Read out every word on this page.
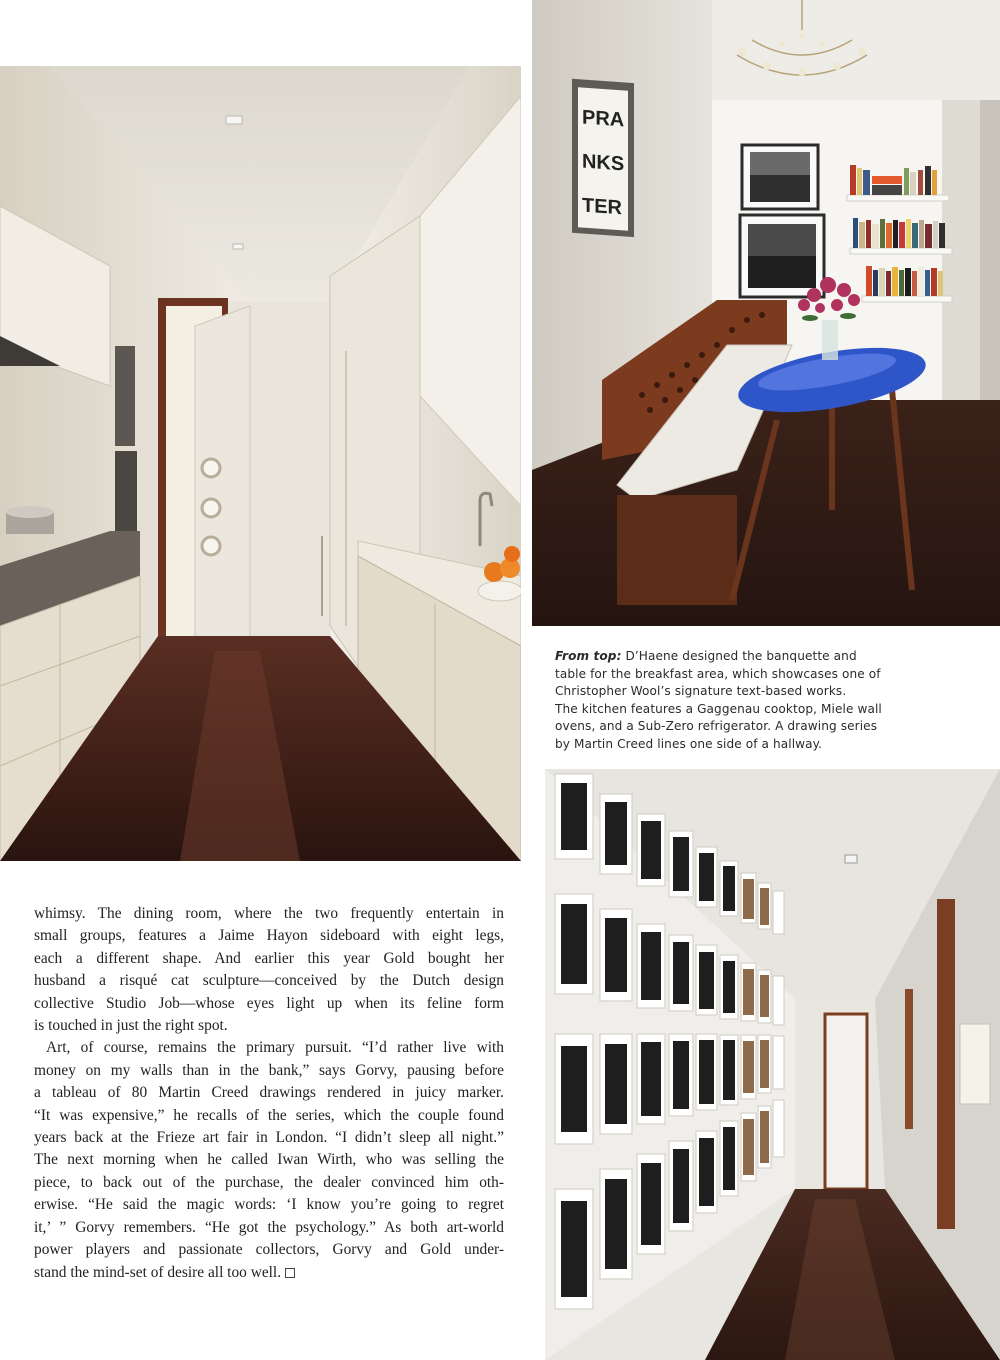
PRA
NKS
TER
From top: D’Haene designed the banquette and
table for the breakfast area, which showcases one of
Christopher Wool’s signature text-based works.
The kitchen features a Gaggenau cooktop, Miele wall
ovens, and a Sub-Zero refrigerator. A drawing series
by Martin Creed lines one side of a hallway.
whimsy. The dining room, where the two frequently entertain in
small groups, features a Jaime Hayon sideboard with eight legs,
each a different shape. And earlier this year Gold bought her
husband a risqué cat sculpture—conceived by the Dutch design
collective Studio Job—whose eyes light up when its feline form
is touched in just the right spot.
Art, of course, remains the primary pursuit. “I’d rather live with
money on my walls than in the bank,” says Gorvy, pausing before
a tableau of 80 Martin Creed drawings rendered in juicy marker.
“It was expensive,” he recalls of the series, which the couple found
years back at the Frieze art fair in London. “I didn’t sleep all night.”
The next morning when he called Iwan Wirth, who was selling the
piece, to back out of the purchase, the dealer convinced him oth-
erwise. “He said the magic words: ‘I know you’re going to regret
it,’ ” Gorvy remembers. “He got the psychology.” As both art-world
power players and passionate collectors, Gorvy and Gold under-
stand the mind-set of desire all too well.
